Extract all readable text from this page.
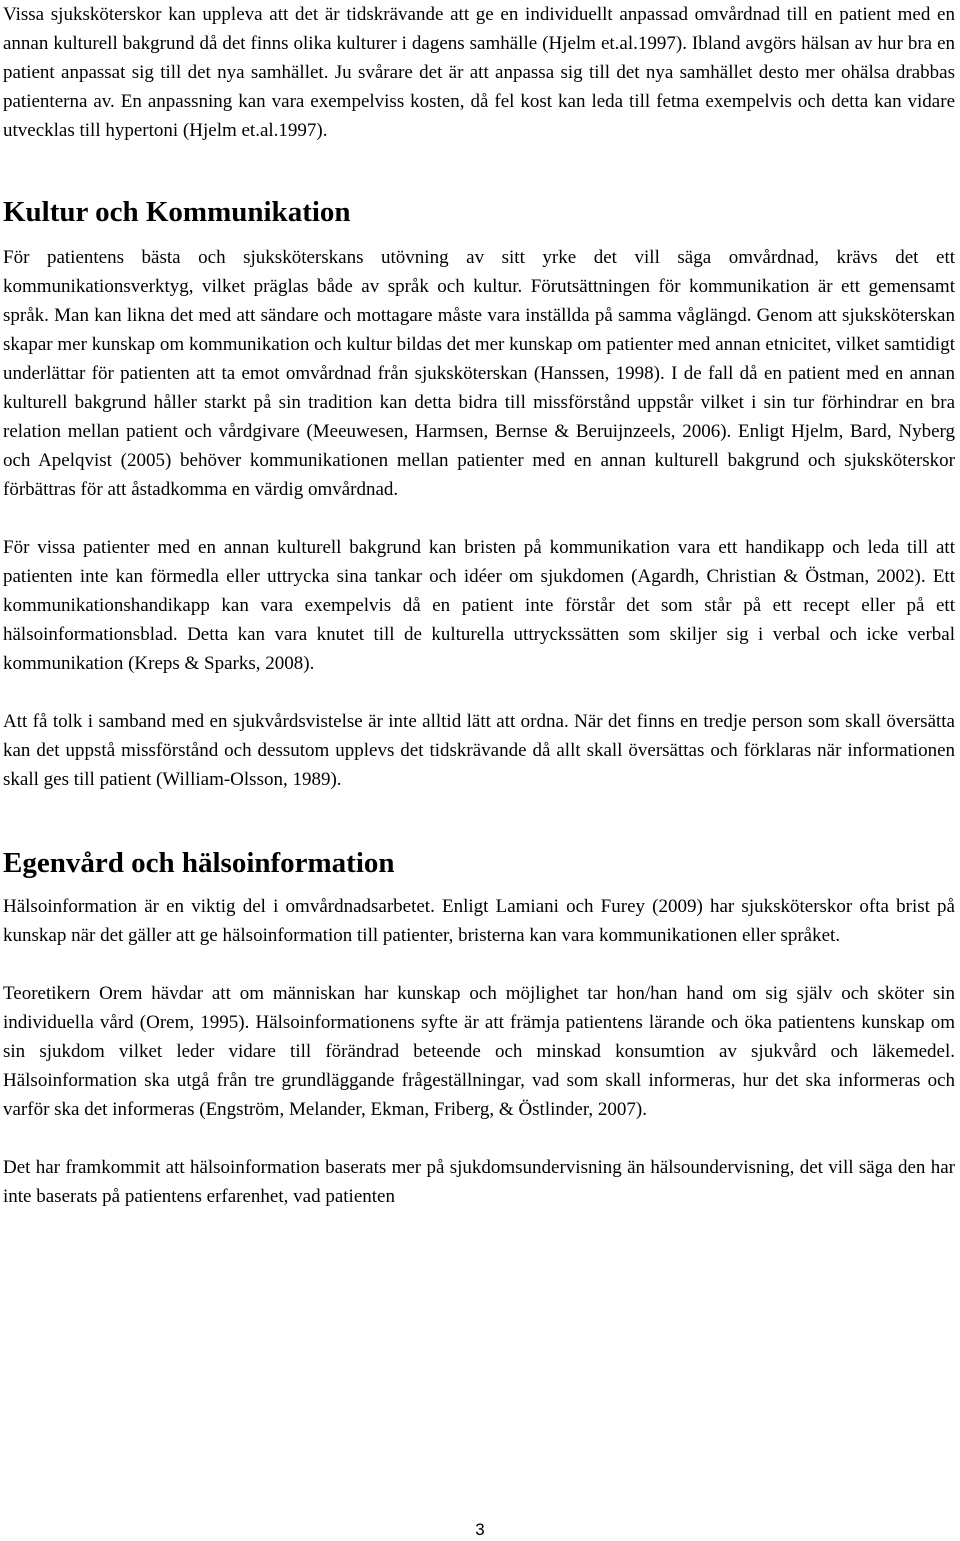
Vissa sjuksköterskor kan uppleva att det är tidskrävande att ge en individuellt anpassad omvårdnad till en patient med en annan kulturell bakgrund då det finns olika kulturer i dagens samhälle (Hjelm et.al.1997). Ibland avgörs hälsan av hur bra en patient anpassat sig till det nya samhället. Ju svårare det är att anpassa sig till det nya samhället desto mer ohälsa drabbas patienterna av. En anpassning kan vara exempelviss kosten, då fel kost kan leda till fetma exempelvis och detta kan vidare utvecklas till hypertoni (Hjelm et.al.1997).

Kultur och Kommunikation

För patientens bästa och sjuksköterskans utövning av sitt yrke det vill säga omvårdnad, krävs det ett kommunikationsverktyg, vilket präglas både av språk och kultur. Förutsättningen för kommunikation är ett gemensamt språk. Man kan likna det med att sändare och mottagare måste vara inställda på samma våglängd. Genom att sjuksköterskan skapar mer kunskap om kommunikation och kultur bildas det mer kunskap om patienter med annan etnicitet, vilket samtidigt underlättar för patienten att ta emot omvårdnad från sjuksköterskan (Hanssen, 1998). I de fall då en patient med en annan kulturell bakgrund håller starkt på sin tradition kan detta bidra till missförstånd uppstår vilket i sin tur förhindrar en bra relation mellan patient och vårdgivare (Meeuwesen, Harmsen, Bernse & Beruijnzeels, 2006). Enligt Hjelm, Bard, Nyberg och Apelqvist (2005) behöver kommunikationen mellan patienter med en annan kulturell bakgrund och sjuksköterskor förbättras för att åstadkomma en värdig omvårdnad.

För vissa patienter med en annan kulturell bakgrund kan bristen på kommunikation vara ett handikapp och leda till att patienten inte kan förmedla eller uttrycka sina tankar och idéer om sjukdomen (Agardh, Christian & Östman, 2002). Ett kommunikationshandikapp kan vara exempelvis då en patient inte förstår det som står på ett recept eller på ett hälsoinformationsblad. Detta kan vara knutet till de kulturella uttryckssätten som skiljer sig i verbal och icke verbal kommunikation (Kreps & Sparks, 2008).

Att få tolk i samband med en sjukvårdsvistelse är inte alltid lätt att ordna. När det finns en tredje person som skall översätta kan det uppstå missförstånd och dessutom upplevs det tidskrävande då allt skall översättas och förklaras när informationen skall ges till patient (William-Olsson, 1989).

Egenvård och hälsoinformation

Hälsoinformation är en viktig del i omvårdnadsarbetet. Enligt Lamiani och Furey (2009) har sjuksköterskor ofta brist på kunskap när det gäller att ge hälsoinformation till patienter, bristerna kan vara kommunikationen eller språket.

Teoretikern Orem hävdar att om människan har kunskap och möjlighet tar hon/han hand om sig själv och sköter sin individuella vård (Orem, 1995). Hälsoinformationens syfte är att främja patientens lärande och öka patientens kunskap om sin sjukdom vilket leder vidare till förändrad beteende och minskad konsumtion av sjukvård och läkemedel. Hälsoinformation ska utgå från tre grundläggande frågeställningar, vad som skall informeras, hur det ska informeras och varför ska det informeras (Engström, Melander, Ekman, Friberg, & Östlinder, 2007).

Det har framkommit att hälsoinformation baserats mer på sjukdomsundervisning än hälsoundervisning, det vill säga den har inte baserats på patientens erfarenhet, vad patienten

3
